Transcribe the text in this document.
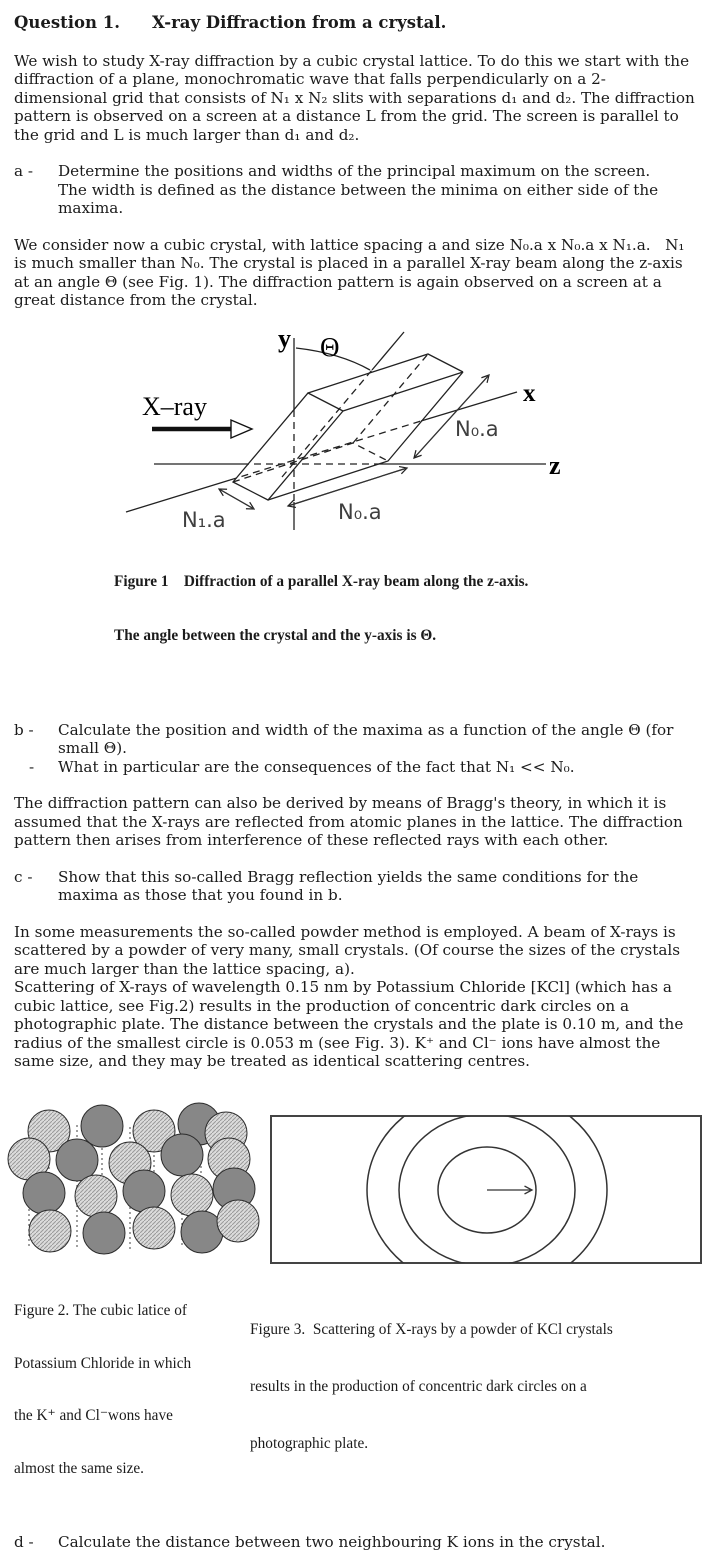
Question 1. X-ray Diffraction from a crystal.

We wish to study X-ray diffraction by a cubic crystal lattice. To do this we start with the diffraction of a plane, monochromatic wave that falls perpendicularly on a 2-dimensional grid that consists of N₁ x N₂ slits with separations d₁ and d₂. The diffraction pattern is observed on a screen at a distance L from the grid. The screen is parallel to the grid and L is much larger than d₁ and d₂.

a -	Determine the positions and widths of the principal maximum on the screen. The width is defined as the distance between the minima on either side of the maxima.

We consider now a cubic crystal, with lattice spacing a and size N₀.a x N₀.a x N₁.a.   N₁ is much smaller than N₀. The crystal is placed in a parallel X-ray beam along the z-axis at an angle Θ (see Fig. 1). The diffraction pattern is again observed on a screen at a great distance from the crystal.

y Θ
x
z
X–ray
N₀.a
N₀.a
N₁.a

Figure 1    Diffraction of a parallel X-ray beam along the z-axis.

The angle between the crystal and the y-axis is Θ.

b -	Calculate the position and width of the maxima as a function of the angle Θ (for small Θ).
-	What in particular are the consequences of the fact that N₁ << N₀.

The diffraction pattern can also be derived by means of Bragg's theory, in which it is assumed that the X-rays are reflected from atomic planes in the lattice. The diffraction pattern then arises from interference of these reflected rays with each other.

c -	Show that this so-called Bragg reflection yields the same conditions for the maxima as those that you found in b.

In some measurements the so-called powder method is employed. A beam of X-rays is scattered by a powder of very many, small crystals. (Of course the sizes of the crystals are much larger than the lattice spacing, a).

Scattering of X-rays of wavelength 0.15 nm by Potassium Chloride [KCl] (which has a cubic lattice, see Fig.2) results in the production of concentric dark circles on a photographic plate. The distance between the crystals and the plate is 0.10 m, and the radius of the smallest circle is 0.053 m (see Fig. 3). K⁺ and Cl⁻ ions have almost the same size, and they may be treated as identical scattering centres.

Figure 2. The cubic latice of

Potassium Chloride in which

the K⁺ and Cl⁻wons have

almost the same size.

Figure 3.  Scattering of X-rays by a powder of KCl crystals

results in the production of concentric dark circles on a

photographic plate.

d -	Calculate the distance between two neighbouring K ions in the crystal.
